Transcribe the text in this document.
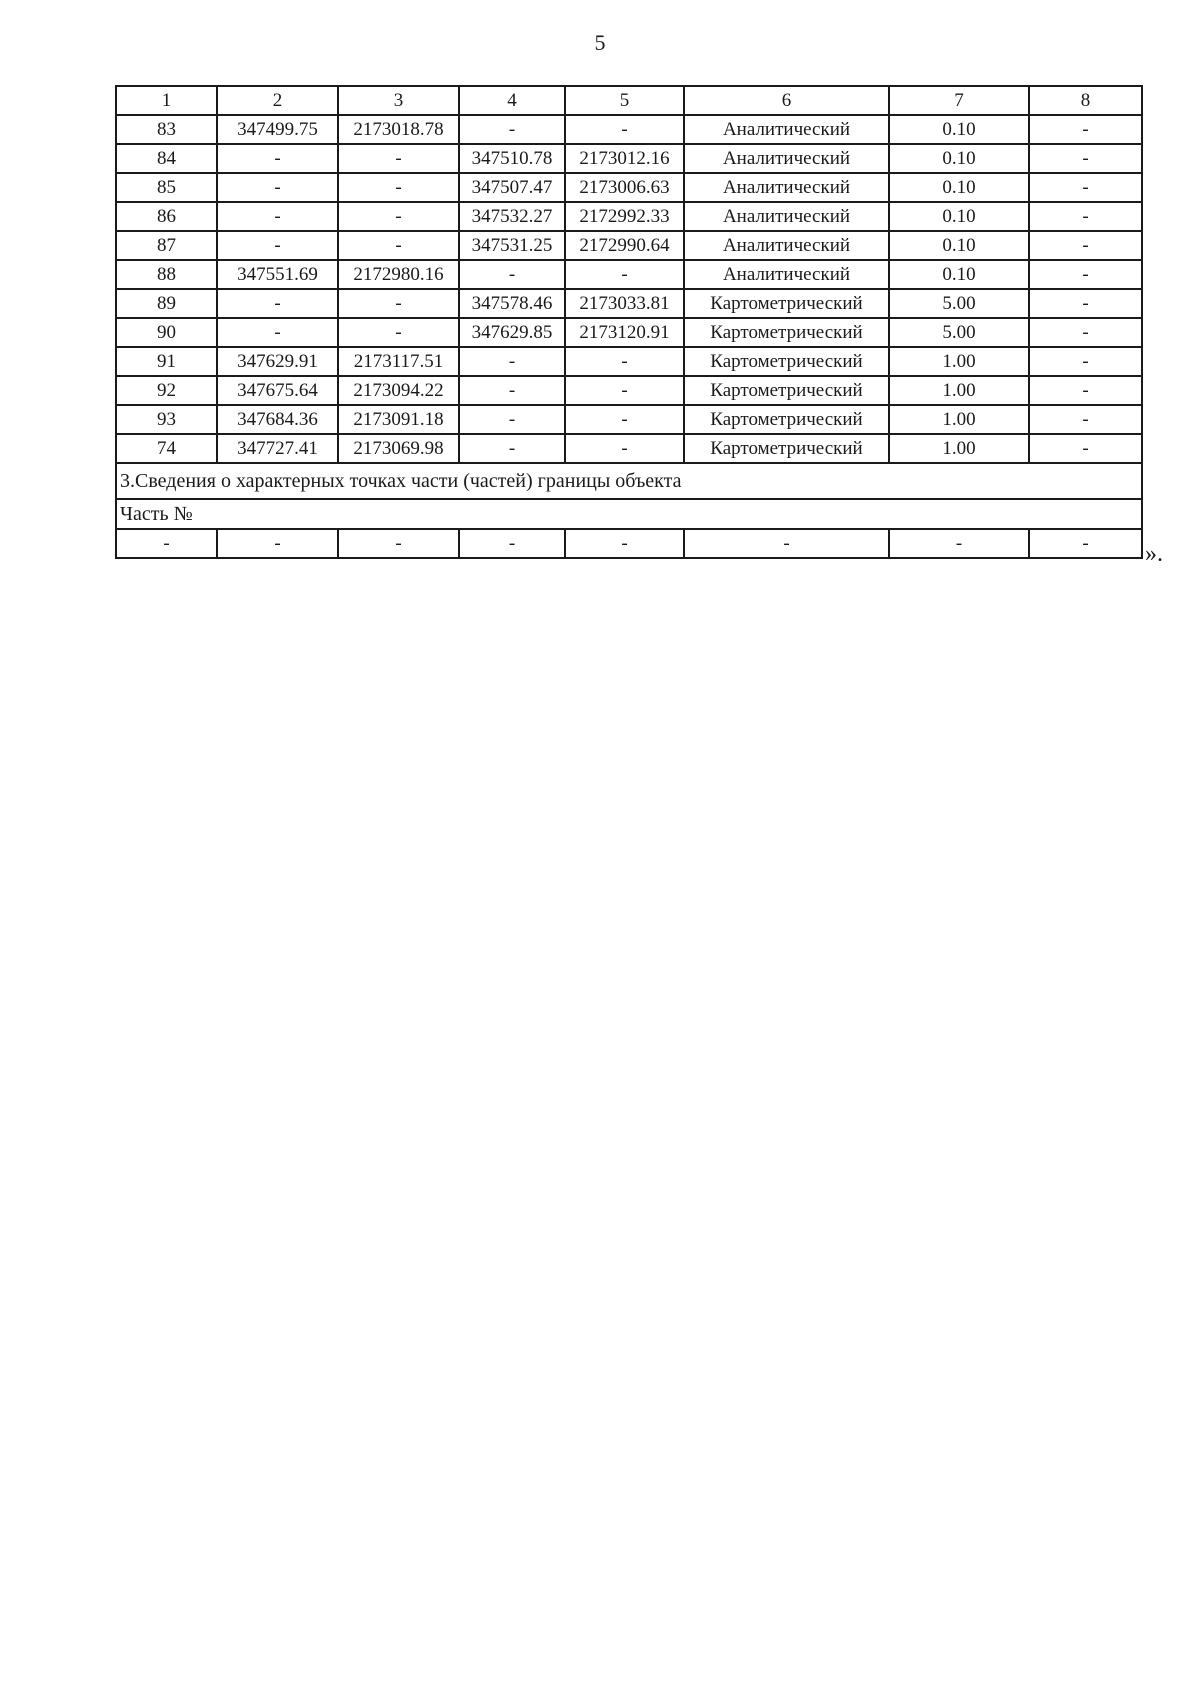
5
1	2	3	4	5	6	7	8
83	347499.75	2173018.78	-	-	Аналитический	0.10	-
84	-	-	347510.78	2173012.16	Аналитический	0.10	-
85	-	-	347507.47	2173006.63	Аналитический	0.10	-
86	-	-	347532.27	2172992.33	Аналитический	0.10	-
87	-	-	347531.25	2172990.64	Аналитический	0.10	-
88	347551.69	2172980.16	-	-	Аналитический	0.10	-
89	-	-	347578.46	2173033.81	Картометрический	5.00	-
90	-	-	347629.85	2173120.91	Картометрический	5.00	-
91	347629.91	2173117.51	-	-	Картометрический	1.00	-
92	347675.64	2173094.22	-	-	Картометрический	1.00	-
93	347684.36	2173091.18	-	-	Картометрический	1.00	-
74	347727.41	2173069.98	-	-	Картометрический	1.00	-
3.Сведения о характерных точках части (частей) границы объекта							
Часть №							
-	-	-	-	-	-	-	- ».
